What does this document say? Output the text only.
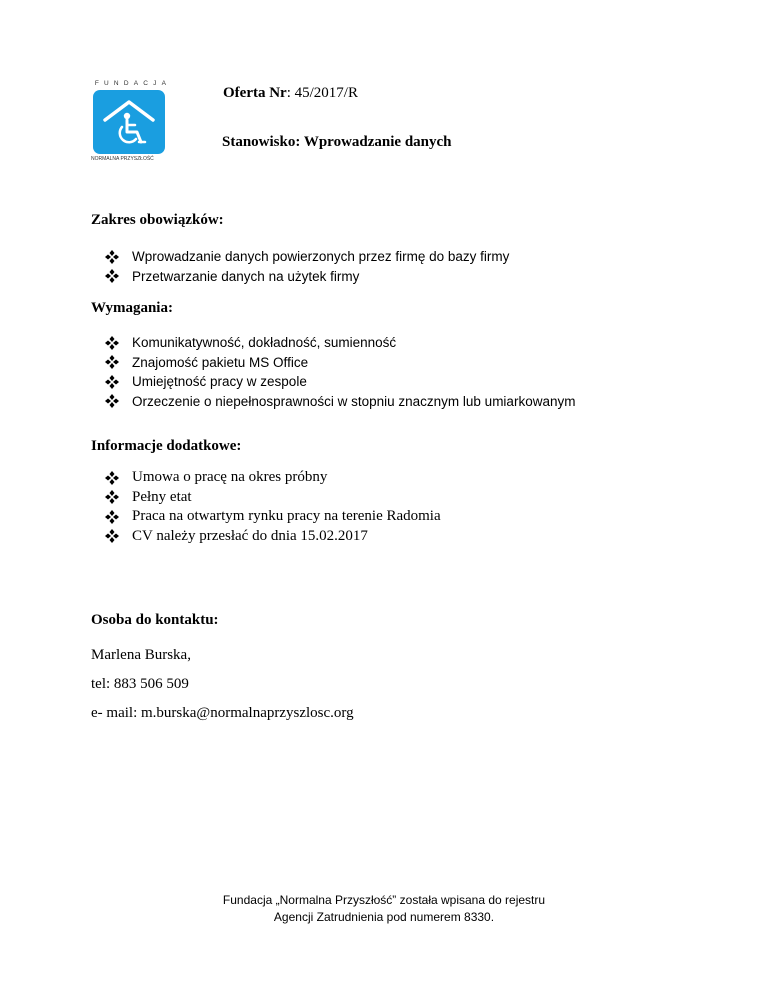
FUNDACJA
NORMALNA PRZYSZŁOŚĆ
Oferta Nr: 45/2017/R
Stanowisko: Wprowadzanie danych
Zakres obowiązków:
Wprowadzanie danych powierzonych przez firmę do bazy firmy
Przetwarzanie danych na użytek firmy
Wymagania:
Komunikatywność, dokładność, sumienność
Znajomość pakietu MS Office
Umiejętność pracy w zespole
Orzeczenie o niepełnosprawności w stopniu znacznym lub umiarkowanym
Informacje dodatkowe:
Umowa o pracę na okres próbny
Pełny etat
Praca na otwartym rynku pracy na terenie Radomia
CV należy przesłać do dnia 15.02.2017
Osoba do kontaktu:
Marlena Burska,
tel: 883 506 509
e- mail: m.burska@normalnaprzyszlosc.org
Fundacja „Normalna Przyszłość” została wpisana do rejestru
Agencji Zatrudnienia pod numerem 8330.
